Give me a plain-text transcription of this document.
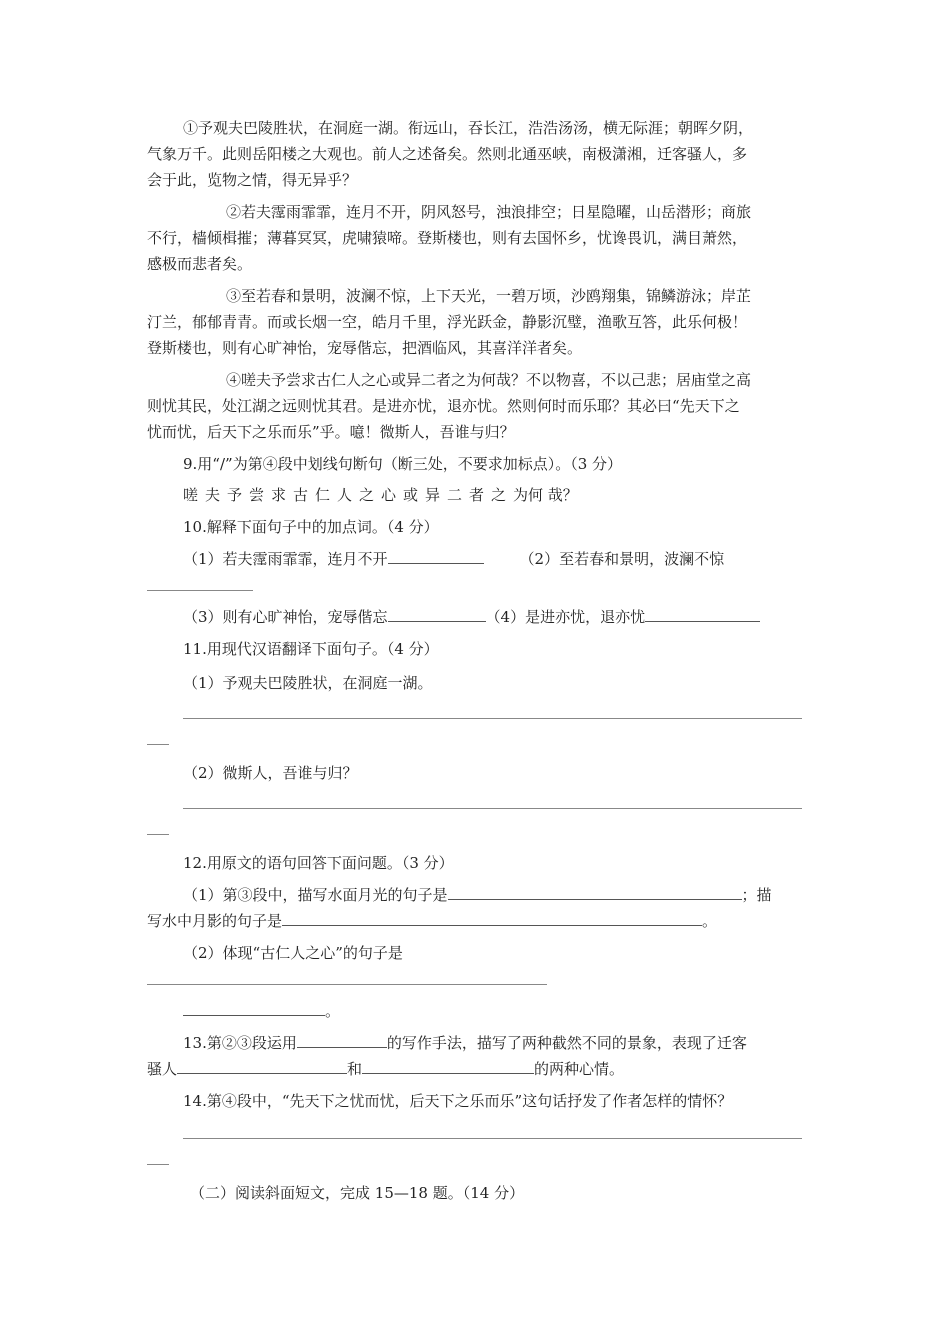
①予观夫巴陵胜状，在洞庭一湖。衔远山，吞长江，浩浩汤汤，横无际涯；朝晖夕阴，
气象万千。此则岳阳楼之大观也。前人之述备矣。然则北通巫峡，南极潇湘，迁客骚人，多
会于此，览物之情，得无异乎？
②若夫霪雨霏霏，连月不开，阴风怒号，浊浪排空；日星隐曜，山岳潜形；商旅
不行，樯倾楫摧；薄暮冥冥，虎啸猿啼。登斯楼也，则有去国怀乡，忧谗畏讥，满目萧然，
感极而悲者矣。
③至若春和景明，波澜不惊，上下天光，一碧万顷，沙鸥翔集，锦鳞游泳；岸芷
汀兰，郁郁青青。而或长烟一空，皓月千里，浮光跃金，静影沉璧，渔歌互答，此乐何极！
登斯楼也，则有心旷神怡，宠辱偕忘，把酒临风，其喜洋洋者矣。
④嗟夫予尝求古仁人之心或异二者之为何哉？不以物喜，不以己悲；居庙堂之高
则忧其民，处江湖之远则忧其君。是进亦忧，退亦忧。然则何时而乐耶？其必曰“先天下之
忧而忧，后天下之乐而乐”乎。噫！微斯人，吾谁与归？
9.用“/”为第④段中划线句断句（断三处，不要求加标点）。（3 分）
嗟夫予尝求古仁人之心或异二者之为何 哉？
10.解释下面句子中的加点词。（4 分）
（1）若夫霪雨霏霏，连月不开	（2）至若春和景明，波澜不惊
（3）则有心旷神怡，宠辱偕忘	（4）是进亦忧，退亦忧
11.用现代汉语翻译下面句子。（4 分）
（1）予观夫巴陵胜状，在洞庭一湖。
（2）微斯人，吾谁与归？
12.用原文的语句回答下面问题。（3 分）
（1）第③段中，描写水面月光的句子是	；描
写水中月影的句子是	。
（2）体现“古仁人之心”的句子是
。
13.第②③段运用	的写作手法，描写了两种截然不同的景象，表现了迁客
骚人	和	的两种心情。
14.第④段中，“先天下之忧而忧，后天下之乐而乐”这句话抒发了作者怎样的情怀？
（二）阅读斜面短文，完成 15—18 题。（14 分）
